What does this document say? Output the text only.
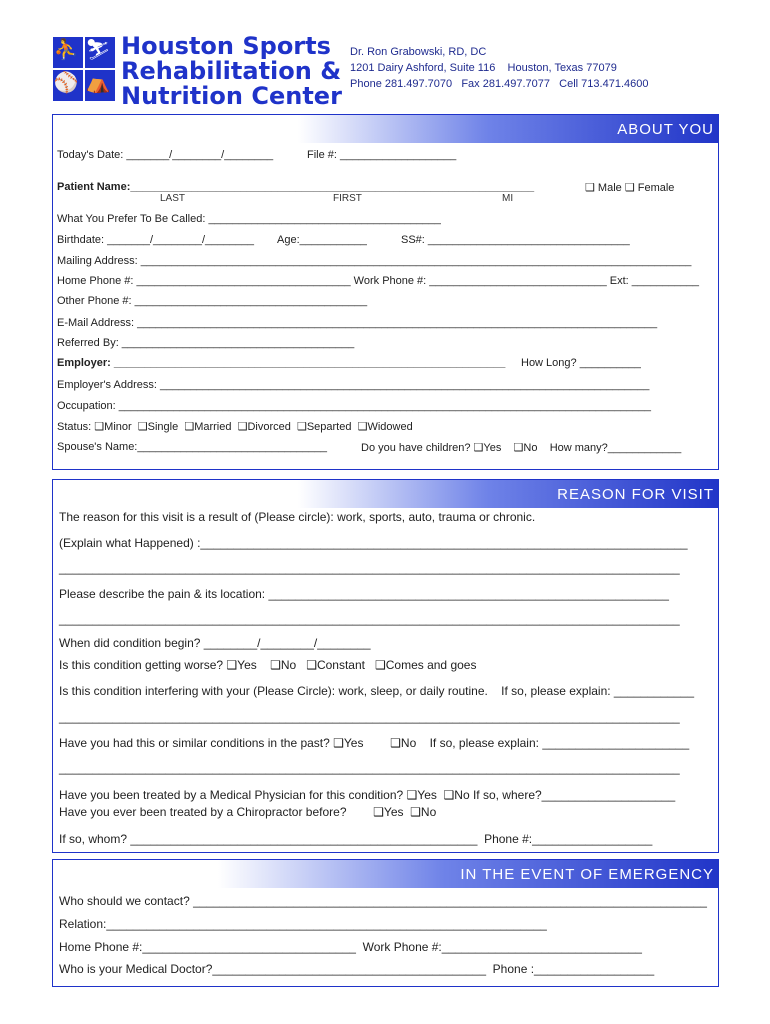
⛹ ⛷
⚾ ⛺
Houston Sports
Rehabilitation &
Nutrition Center
Dr. Ron Grabowski, RD, DC
1201 Dairy Ashford, Suite 116    Houston, Texas 77079
Phone 281.497.7070   Fax 281.497.7077   Cell 713.471.4600
ABOUT YOU
Today's Date: _______/________/________	File #: ___________________
Patient Name:__________________________________________________________________	❑ Male ❑ Female
LAST	FIRST	MI
What You Prefer To Be Called: ______________________________________
Birthdate: _______/________/________ Age:___________	SS#: _________________________________
Mailing Address: __________________________________________________________________________________________
Home Phone #: ___________________________________ Work Phone #: _____________________________ Ext: ___________
Other Phone #: ______________________________________
E-Mail Address: _____________________________________________________________________________________
Referred By: ______________________________________
Employer: ________________________________________________________________ How Long? __________
Employer's Address: ________________________________________________________________________________
Occupation: _______________________________________________________________________________________
Status: ❑Minor  ❑Single  ❑Married  ❑Divorced  ❑Separted  ❑Widowed
Spouse's Name:_______________________________	Do you have children? ❑Yes    ❑No    How many?____________
REASON FOR VISIT
The reason for this visit is a result of (Please circle): work, sports, auto, trauma or chronic.
(Explain what Happened) :_________________________________________________________________________
_____________________________________________________________________________________________
Please describe the pain & its location: ____________________________________________________________
_____________________________________________________________________________________________
When did condition begin? ________/________/________
Is this condition getting worse? ❑Yes    ❑No   ❑Constant   ❑Comes and goes
Is this condition interfering with your (Please Circle): work, sleep, or daily routine.    If so, please explain: ____________
_____________________________________________________________________________________________
Have you had this or similar conditions in the past? ❑Yes        ❑No    If so, please explain: ______________________
_____________________________________________________________________________________________
Have you been treated by a Medical Physician for this condition? ❑Yes  ❑No If so, where?____________________
Have you ever been treated by a Chiropractor before?        ❑Yes  ❑No
If so, whom? ____________________________________________________  Phone #:__________________
IN THE EVENT OF EMERGENCY
Who should we contact? _____________________________________________________________________________
Relation:__________________________________________________________________
Home Phone #:________________________________  Work Phone #:______________________________
Who is your Medical Doctor?_________________________________________  Phone :__________________
